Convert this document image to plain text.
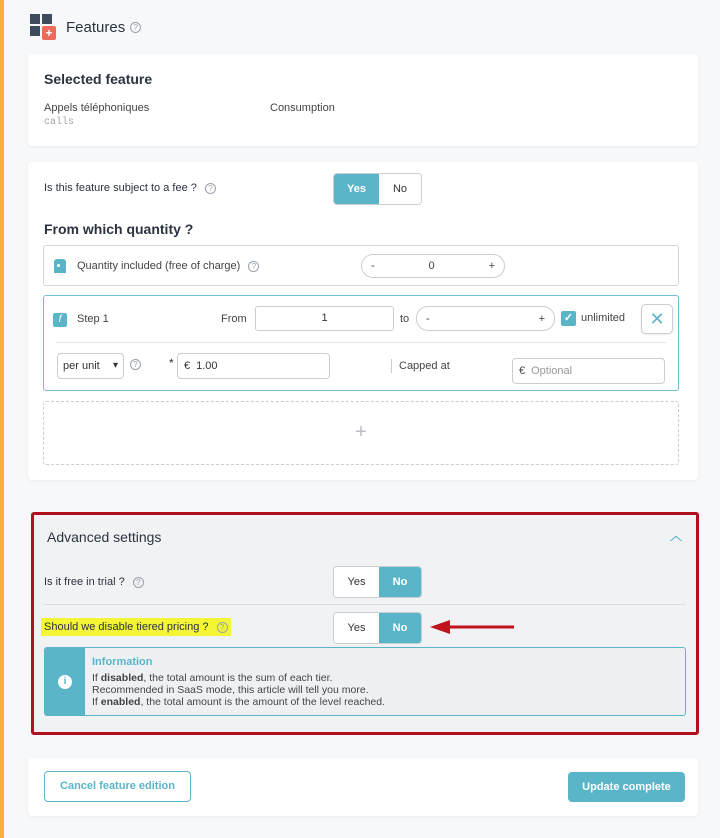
+ Features	?
Selected feature
Appels téléphoniques
calls
Consumption
Is this feature subject to a fee ? ?	Yes	No
From which quantity ?
Quantity included (free of charge) ?	-	0	+
f	Step 1	From	1	to -	+ ✓ unlimited	✕
per unit ▾	?	* € 1.00	Capped at	€ Optional
+
Advanced settings	︿
Is it free in trial ? ?	Yes	No
Should we disable tiered pricing ? ?	Yes	No
i
Information
If disabled, the total amount is the sum of each tier.
Recommended in SaaS mode, this article will tell you more.
If enabled, the total amount is the amount of the level reached.
Cancel feature edition	Update complete
